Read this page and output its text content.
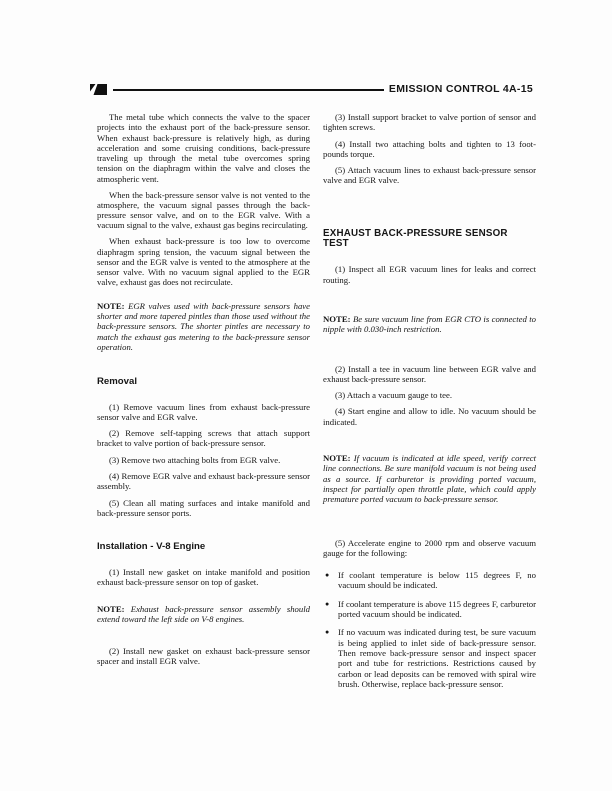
EMISSION CONTROL 4A-15

The metal tube which connects the valve to the spacer projects into the exhaust port of the back-pressure sensor. When exhaust back-pressure is relatively high, as during acceleration and some cruising conditions, back-pressure traveling up through the metal tube overcomes spring tension on the diaphragm within the valve and closes the atmospheric vent.

When the back-pressure sensor valve is not vented to the atmosphere, the vacuum signal passes through the back-pressure sensor valve, and on to the EGR valve. With a vacuum signal to the valve, exhaust gas begins recirculating.

When exhaust back-pressure is too low to overcome diaphragm spring tension, the vacuum signal between the sensor and the EGR valve is vented to the atmosphere at the sensor valve. With no vacuum signal applied to the EGR valve, exhaust gas does not recirculate.

NOTE: EGR valves used with back-pressure sensors have shorter and more tapered pintles than those used without the back-pressure sensors. The shorter pintles are necessary to match the exhaust gas metering to the back-pressure sensor operation.
Removal

(1) Remove vacuum lines from exhaust back-pressure sensor valve and EGR valve.

(2) Remove self-tapping screws that attach support bracket to valve portion of back-pressure sensor.

(3) Remove two attaching bolts from EGR valve.

(4) Remove EGR valve and exhaust back-pressure sensor assembly.

(5) Clean all mating surfaces and intake manifold and back-pressure sensor ports.

Installation - V-8 Engine

(1) Install new gasket on intake manifold and position exhaust back-pressure sensor on top of gasket.

NOTE: Exhaust back-pressure sensor assembly should extend toward the left side on V-8 engines.

(2) Install new gasket on exhaust back-pressure sensor spacer and install EGR valve.

(3) Install support bracket to valve portion of sensor and tighten screws.

(4) Install two attaching bolts and tighten to 13 foot-pounds torque.

(5) Attach vacuum lines to exhaust back-pressure sensor valve and EGR valve.

EXHAUST BACK-PRESSURE SENSOR TEST

(1) Inspect all EGR vacuum lines for leaks and correct routing.

NOTE: Be sure vacuum line from EGR CTO is connected to nipple with 0.030-inch restriction.

(2) Install a tee in vacuum line between EGR valve and exhaust back-pressure sensor.

(3) Attach a vacuum gauge to tee.

(4) Start engine and allow to idle. No vacuum should be indicated.

NOTE: If vacuum is indicated at idle speed, verify correct line connections. Be sure manifold vacuum is not being used as a source. If carburetor is providing ported vacuum, inspect for partially open throttle plate, which could apply premature ported vacuum to back-pressure sensor.

(5) Accelerate engine to 2000 rpm and observe vacuum gauge for the following:

●	If coolant temperature is below 115 degrees F, no vacuum should be indicated.
●	If coolant temperature is above 115 degrees F, carburetor ported vacuum should be indicated.
●	If no vacuum was indicated during test, be sure vacuum is being applied to inlet side of back-pressure sensor. Then remove back-pressure sensor and inspect spacer port and tube for restrictions. Restrictions caused by carbon or lead deposits can be removed with spiral wire brush. Otherwise, replace back-pressure sensor.
